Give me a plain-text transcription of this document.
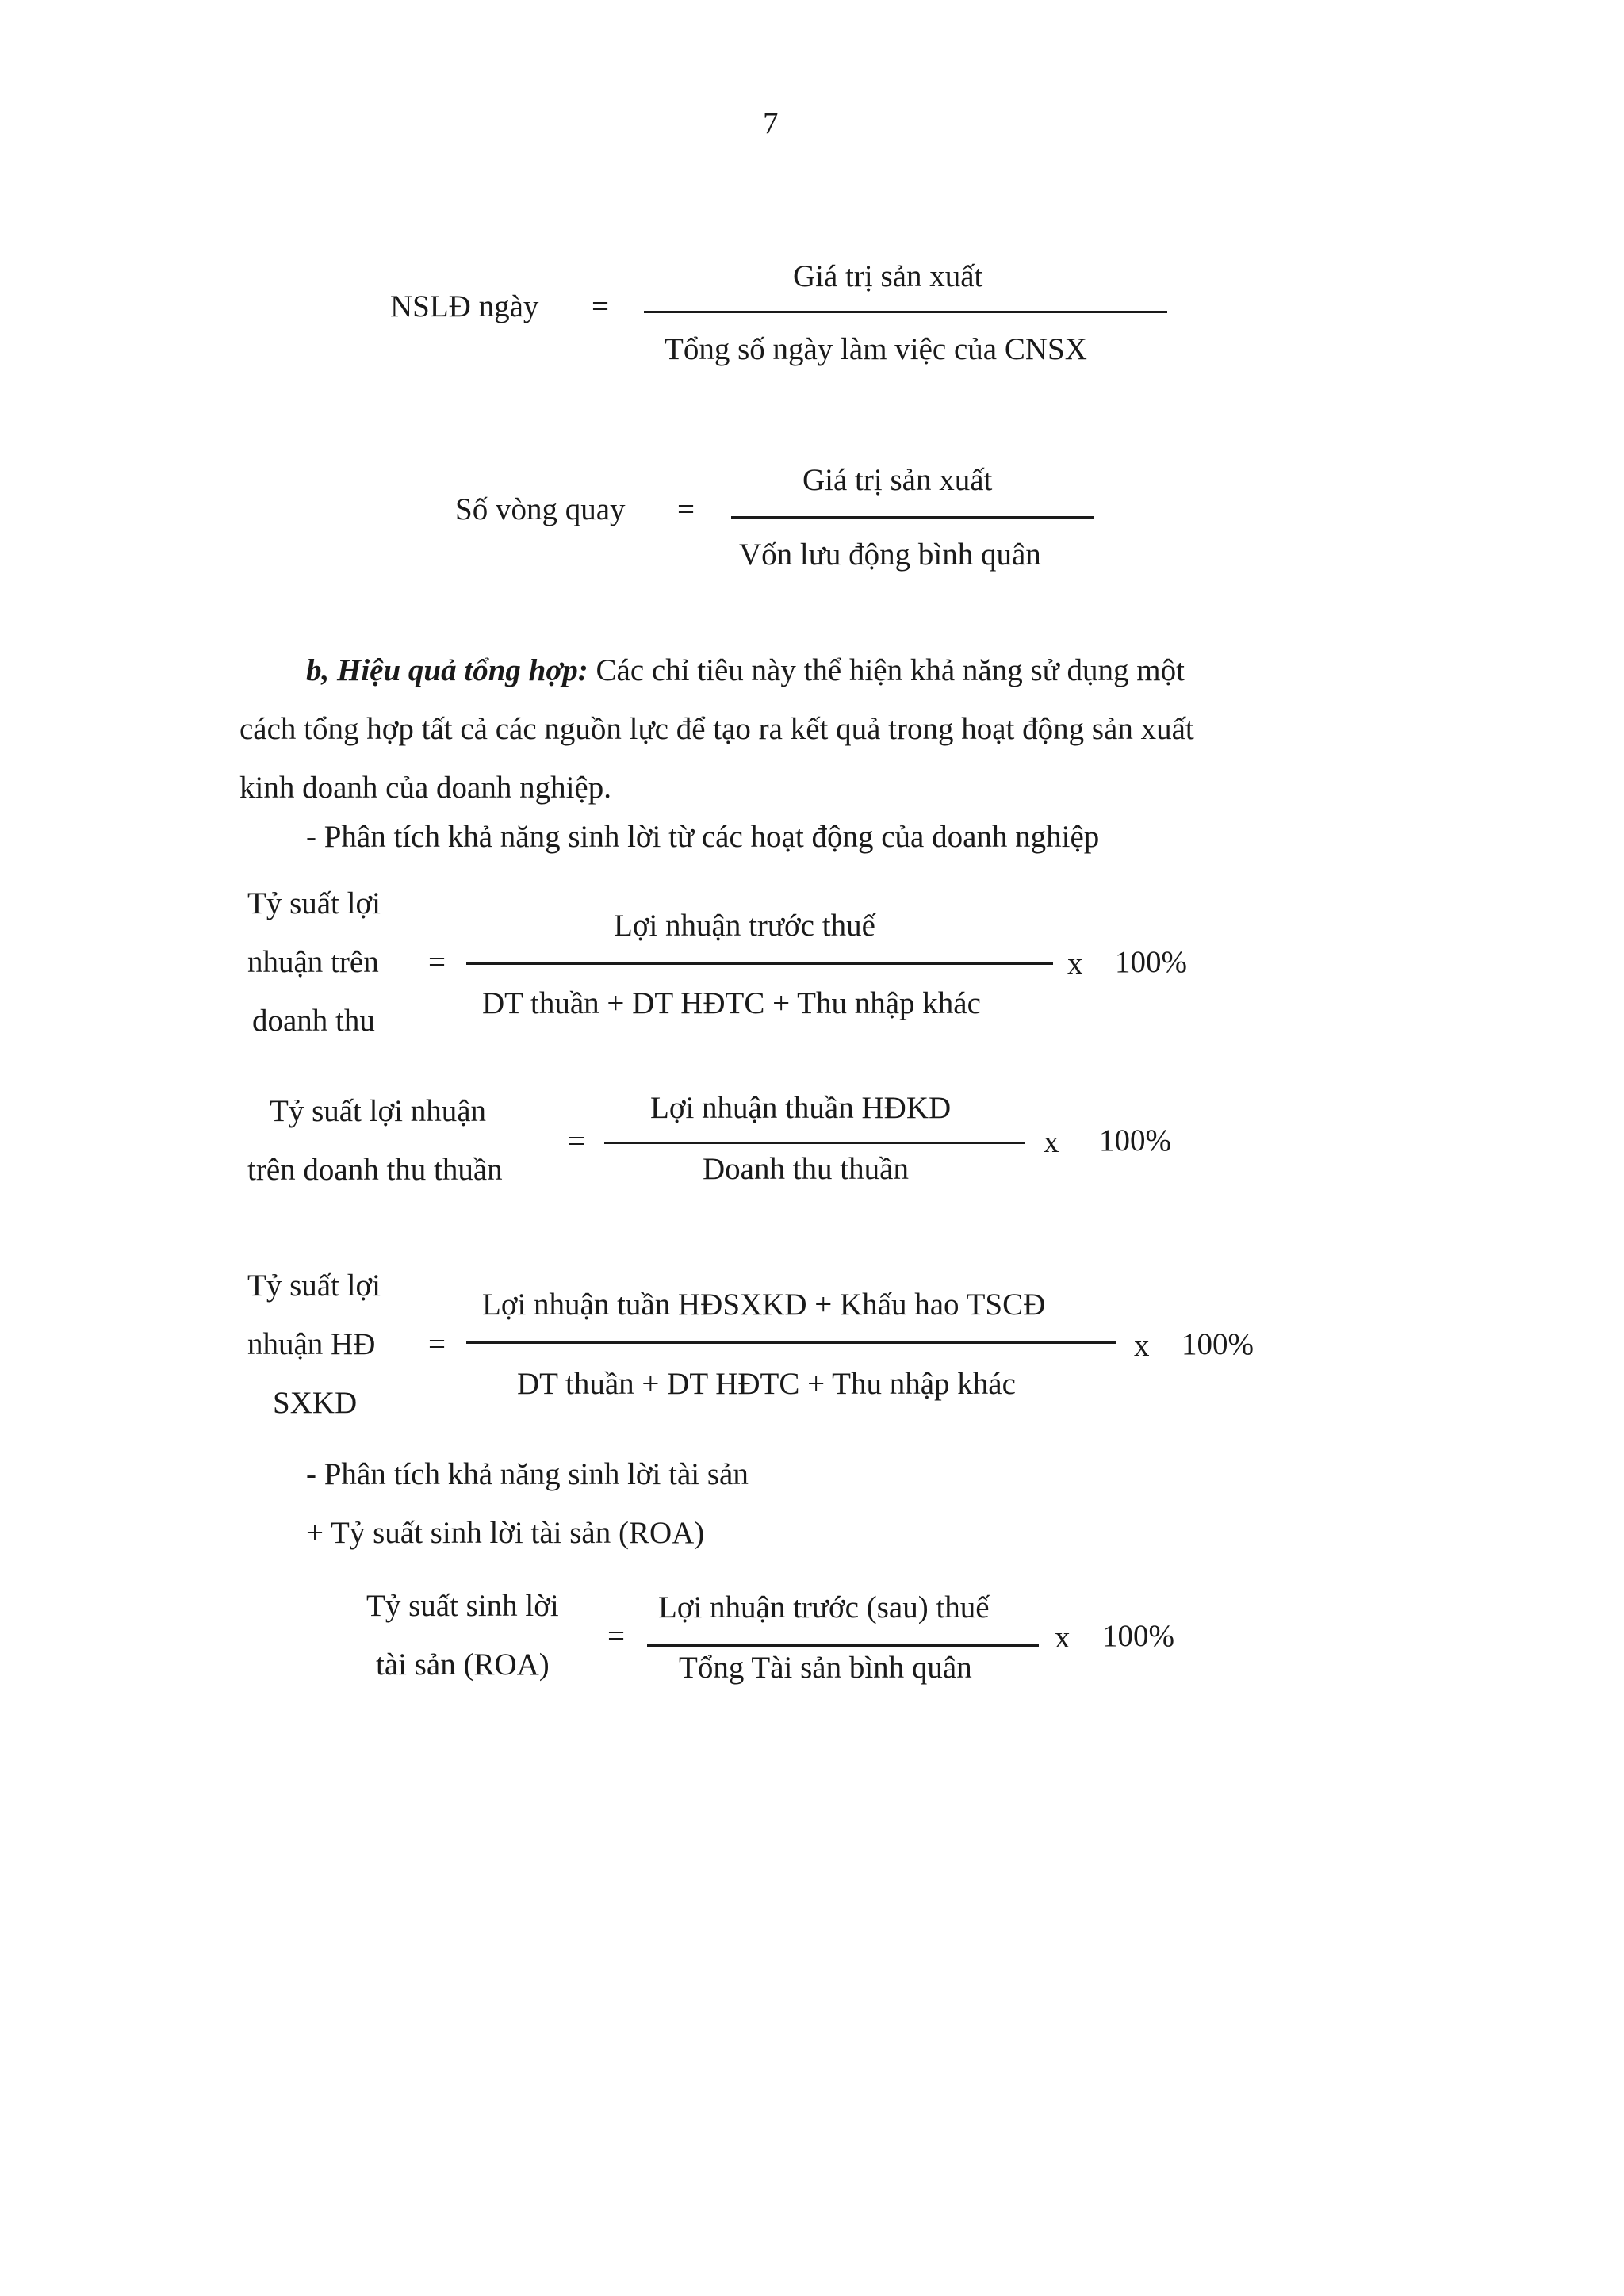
7
NSLĐ ngày =
Giá trị sản xuất
Tổng số ngày làm việc của CNSX
Số vòng quay =
Giá trị sản xuất
Vốn lưu động bình quân
b, Hiệu quả tổng hợp: Các chỉ tiêu này thể hiện khả năng sử dụng một
cách tổng hợp tất cả các nguồn lực để tạo ra kết quả trong hoạt động sản xuất
kinh doanh của doanh nghiệp.
- Phân tích khả năng sinh lời từ các hoạt động của doanh nghiệp
Tỷ suất lợi
nhuận trên
doanh thu
=
Lợi nhuận trước thuế
DT thuần + DT HĐTC + Thu nhập khác
x 100%
Tỷ suất lợi nhuận
trên doanh thu thuần
=
Lợi nhuận thuần HĐKD
Doanh thu thuần
x 100%
Tỷ suất lợi
nhuận HĐ
SXKD
=
Lợi nhuận tuần HĐSXKD + Khấu hao TSCĐ
DT thuần + DT HĐTC + Thu nhập khác
x 100%
- Phân tích khả năng sinh lời tài sản
+ Tỷ suất sinh lời tài sản (ROA)
Tỷ suất sinh lời
tài sản (ROA)
=
Lợi nhuận trước (sau) thuế
Tổng Tài sản bình quân
x 100%
